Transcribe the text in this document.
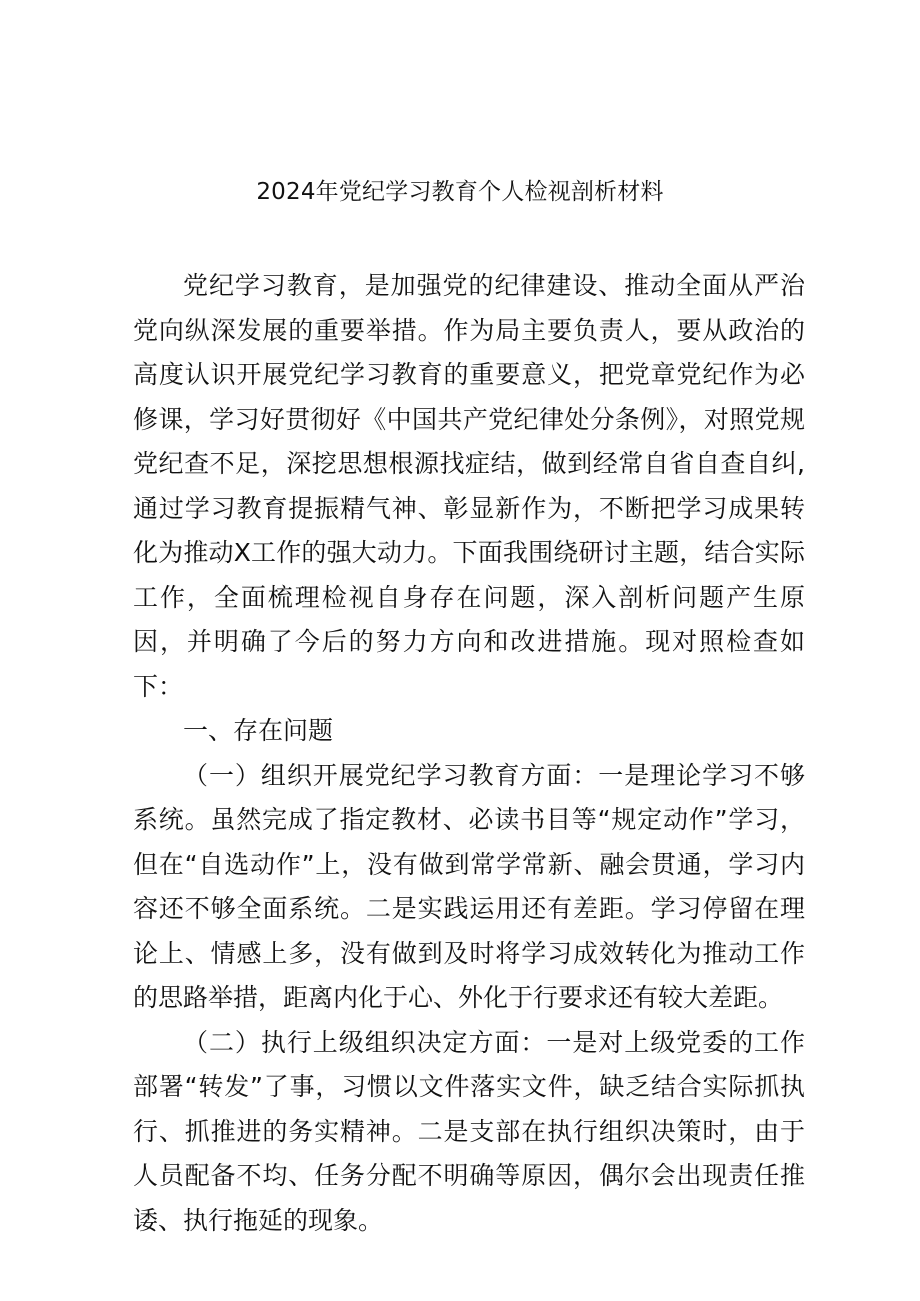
2024年党纪学习教育个人检视剖析材料

党纪学习教育，是加强党的纪律建设、推动全面从严治党向纵深发展的重要举措。作为局主要负责人，要从政治的高度认识开展党纪学习教育的重要意义，把党章党纪作为必修课，学习好贯彻好《中国共产党纪律处分条例》，对照党规党纪查不足，深挖思想根源找症结，做到经常自省自查自纠,通过学习教育提振精气神、彰显新作为，不断把学习成果转化为推动X工作的强大动力。下面我围绕研讨主题，结合实际工作，全面梳理检视自身存在问题，深入剖析问题产生原因，并明确了今后的努力方向和改进措施。现对照检查如下：

一、存在问题

（一）组织开展党纪学习教育方面：一是理论学习不够系统。虽然完成了指定教材、必读书目等“规定动作”学习，但在“自选动作”上，没有做到常学常新、融会贯通，学习内容还不够全面系统。二是实践运用还有差距。学习停留在理论上、情感上多，没有做到及时将学习成效转化为推动工作的思路举措，距离内化于心、外化于行要求还有较大差距。

（二）执行上级组织决定方面：一是对上级党委的工作部署“转发”了事，习惯以文件落实文件，缺乏结合实际抓执行、抓推进的务实精神。二是支部在执行组织决策时，由于人员配备不均、任务分配不明确等原因，偶尔会出现责任推诿、执行拖延的现象。
